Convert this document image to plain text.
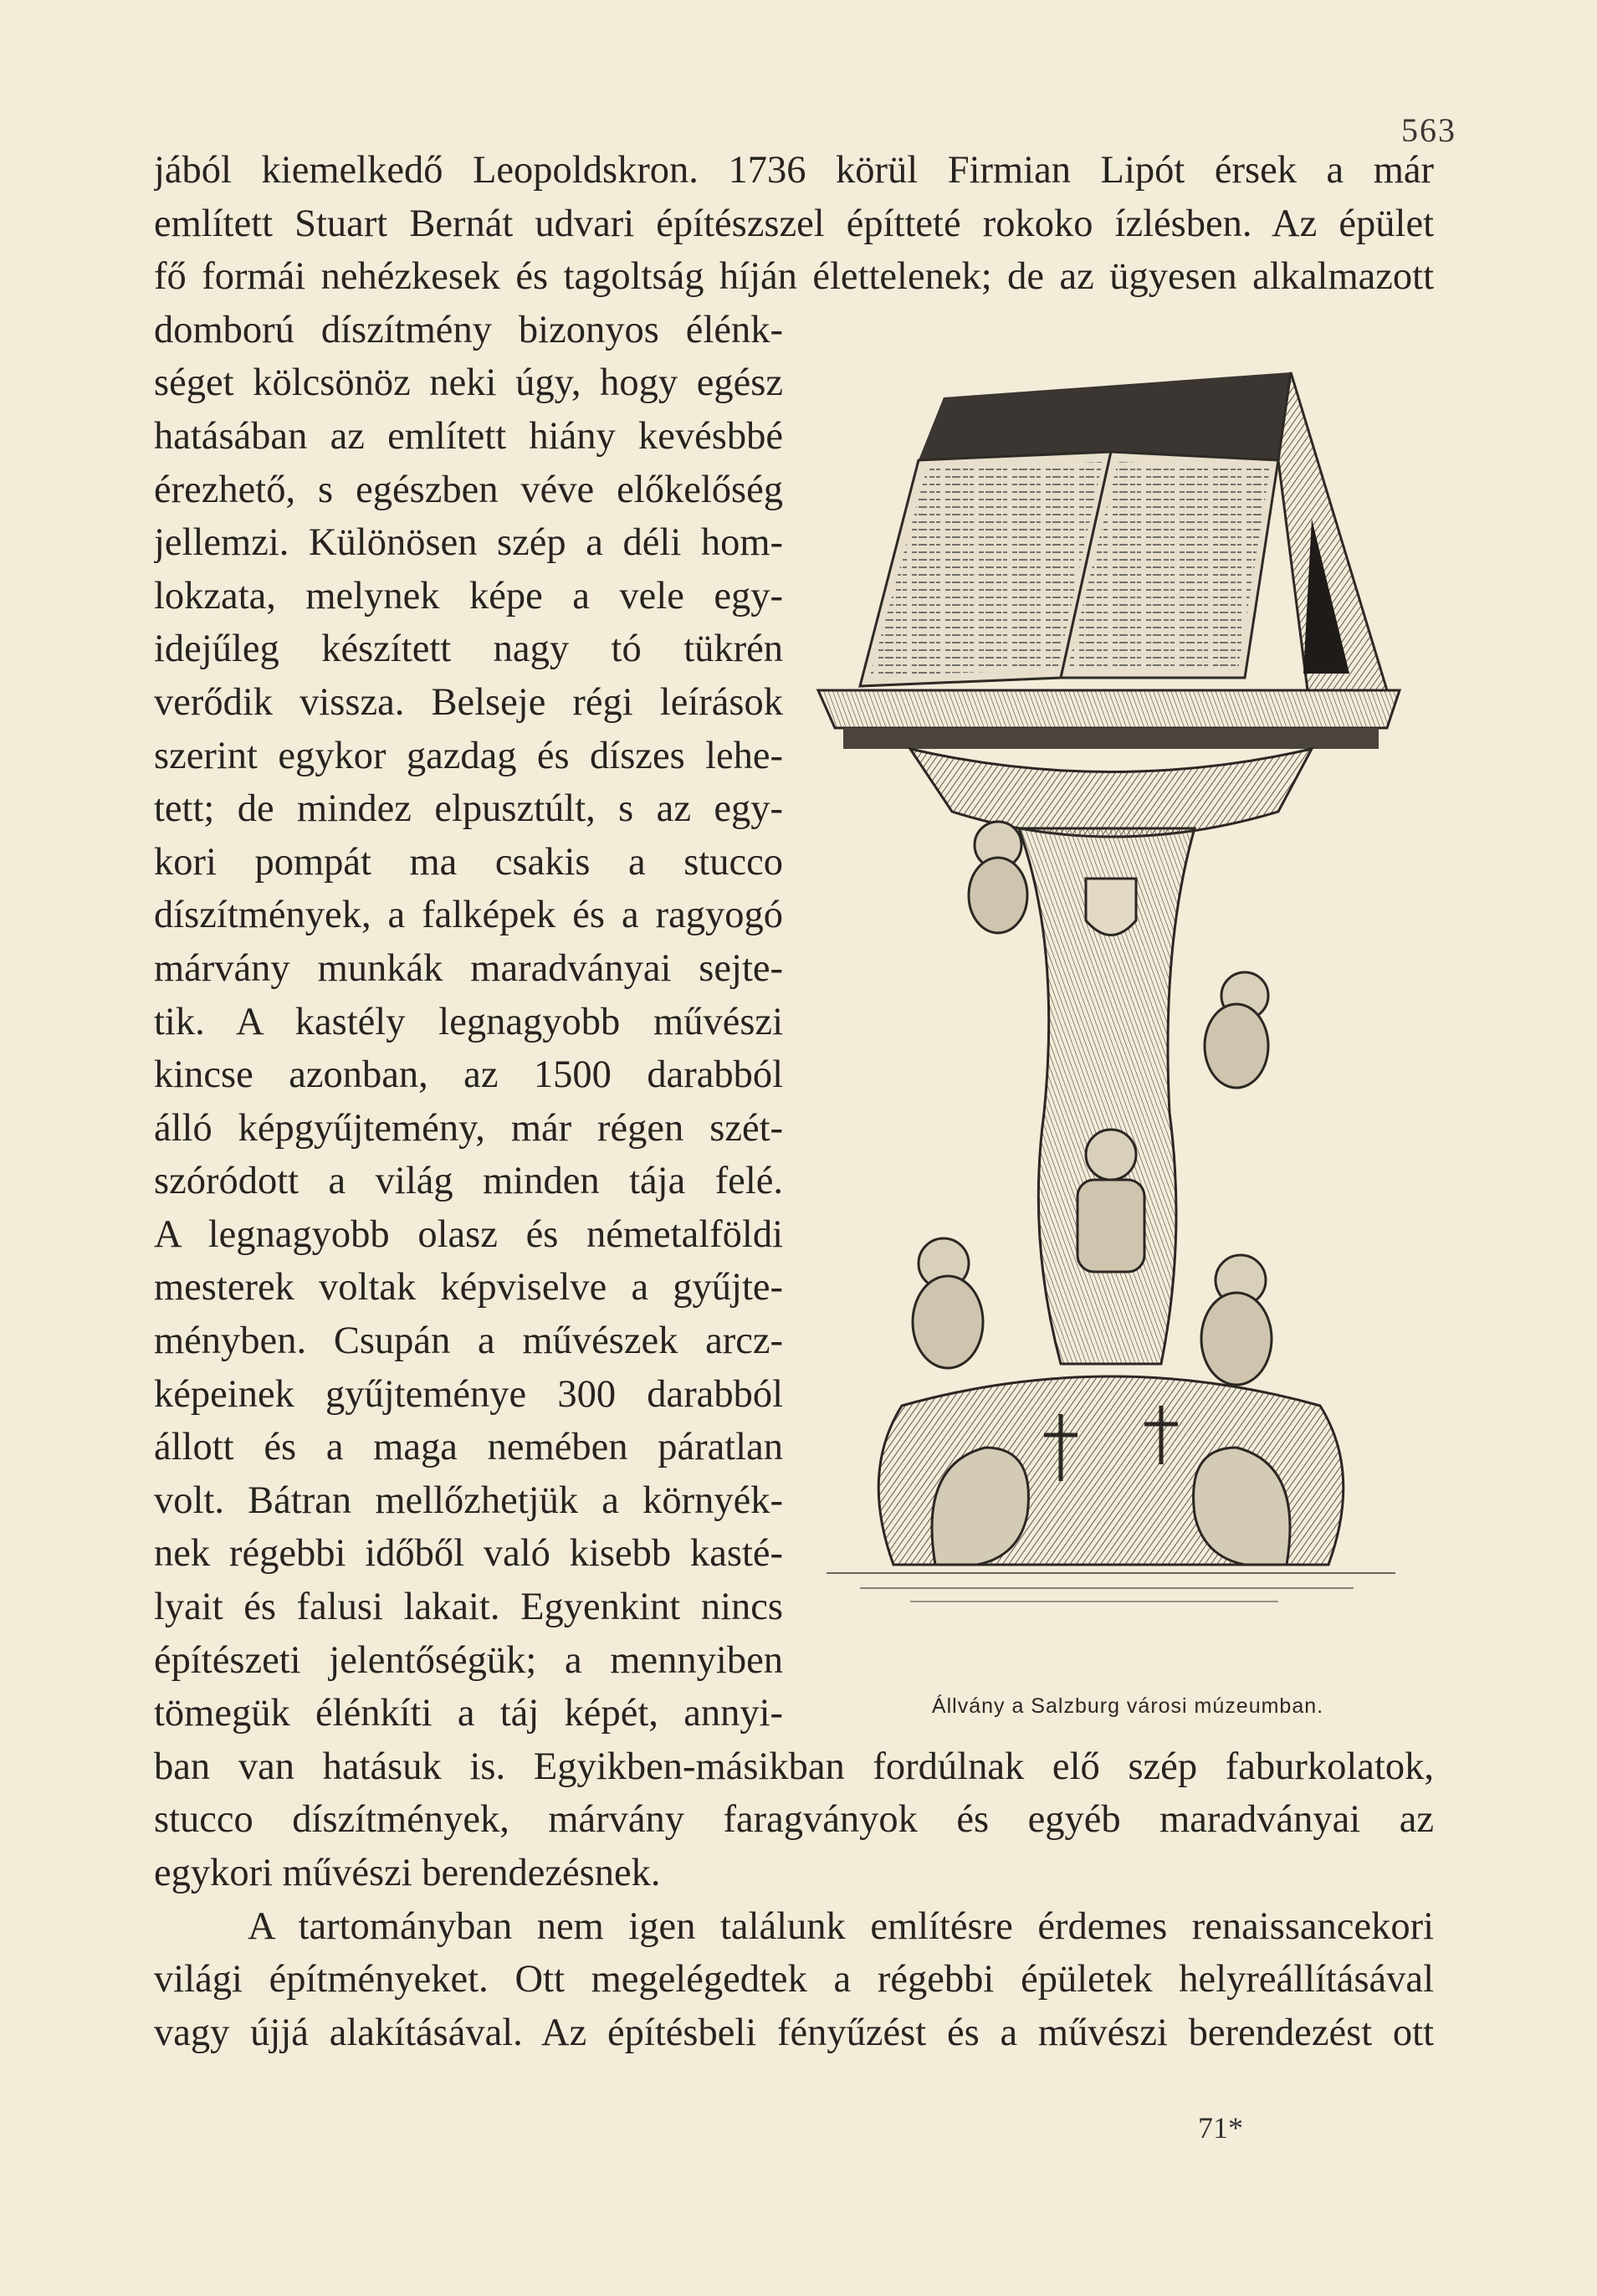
563
jából kiemelkedő Leopoldskron. 1736 körül Firmian Lipót érsek a már
említett Stuart Bernát udvari építészszel építteté rokoko ízlésben. Az épület
fő formái nehézkesek és tagoltság híján élettelenek; de az ügyesen alkalmazott
domború díszítmény bizonyos élénk-
séget kölcsönöz neki úgy, hogy egész
hatásában az említett hiány kevésbbé
érezhető, s egészben véve előkelőség
jellemzi. Különösen szép a déli hom-
lokzata, melynek képe a vele egy-
idejűleg készített nagy tó tükrén
verődik vissza. Belseje régi leírások
szerint egykor gazdag és díszes lehe-
tett; de mindez elpusztúlt, s az egy-
kori pompát ma csakis a stucco
díszítmények, a falképek és a ragyogó
márvány munkák maradványai sejte-
tik. A kastély legnagyobb művészi
kincse azonban, az 1500 darabból
álló képgyűjtemény, már régen szét-
szóródott a világ minden tája felé.
A legnagyobb olasz és németalföldi
mesterek voltak képviselve a gyűjte-
ményben. Csupán a művészek arcz-
képeinek gyűjteménye 300 darabból
állott és a maga nemében páratlan
volt. Bátran mellőzhetjük a környék-
nek régebbi időből való kisebb kasté-
lyait és falusi lakait. Egyenkint nincs
építészeti jelentőségük; a mennyiben
tömegük élénkíti a táj képét, annyi-
ban van hatásuk is. Egyikben-másikban fordúlnak elő szép faburkolatok,
stucco díszítmények, márvány faragványok és egyéb maradványai az
egykori művészi berendezésnek.
A tartományban nem igen találunk említésre érdemes renaissancekori
világi építményeket. Ott megelégedtek a régebbi épületek helyreállításával
vagy újjá alakításával. Az építésbeli fényűzést és a művészi berendezést ott
Állvány a Salzburg városi múzeumban.
71*
